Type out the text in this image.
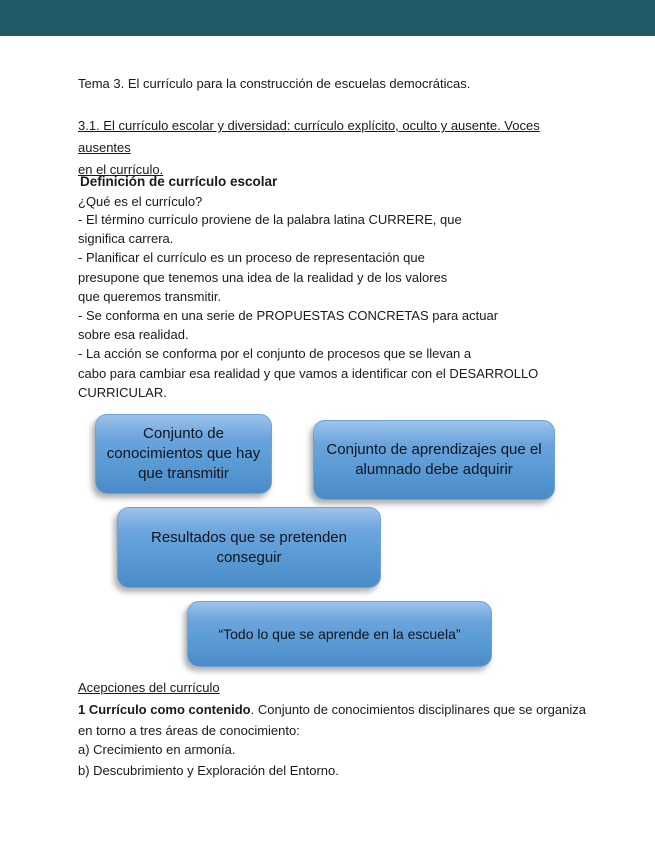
Tema 3. El currículo para la construcción de escuelas democráticas.
3.1. El currículo escolar y diversidad: currículo explícito, oculto y ausente. Voces ausentes
en el currículo.
Definición de currículo escolar
¿Qué es el currículo?
- El término currículo proviene de la palabra latina CURRERE, que
significa carrera.
- Planificar el currículo es un proceso de representación que
presupone que tenemos una idea de la realidad y de los valores
que queremos transmitir.
- Se conforma en una serie de PROPUESTAS CONCRETAS para actuar
sobre esa realidad.
- La acción se conforma por el conjunto de procesos que se llevan a
cabo para cambiar esa realidad y que vamos a identificar con el DESARROLLO
CURRICULAR.
Conjunto de conocimientos que hay que transmitir
Conjunto de aprendizajes que el alumnado debe adquirir
Resultados que se pretenden conseguir
“Todo lo que se aprende en la escuela”
Acepciones del currículo
1 Currículo como contenido. Conjunto de conocimientos disciplinares que se organiza en torno a tres áreas de conocimiento:
a) Crecimiento en armonía.
b) Descubrimiento y Exploración del Entorno.
